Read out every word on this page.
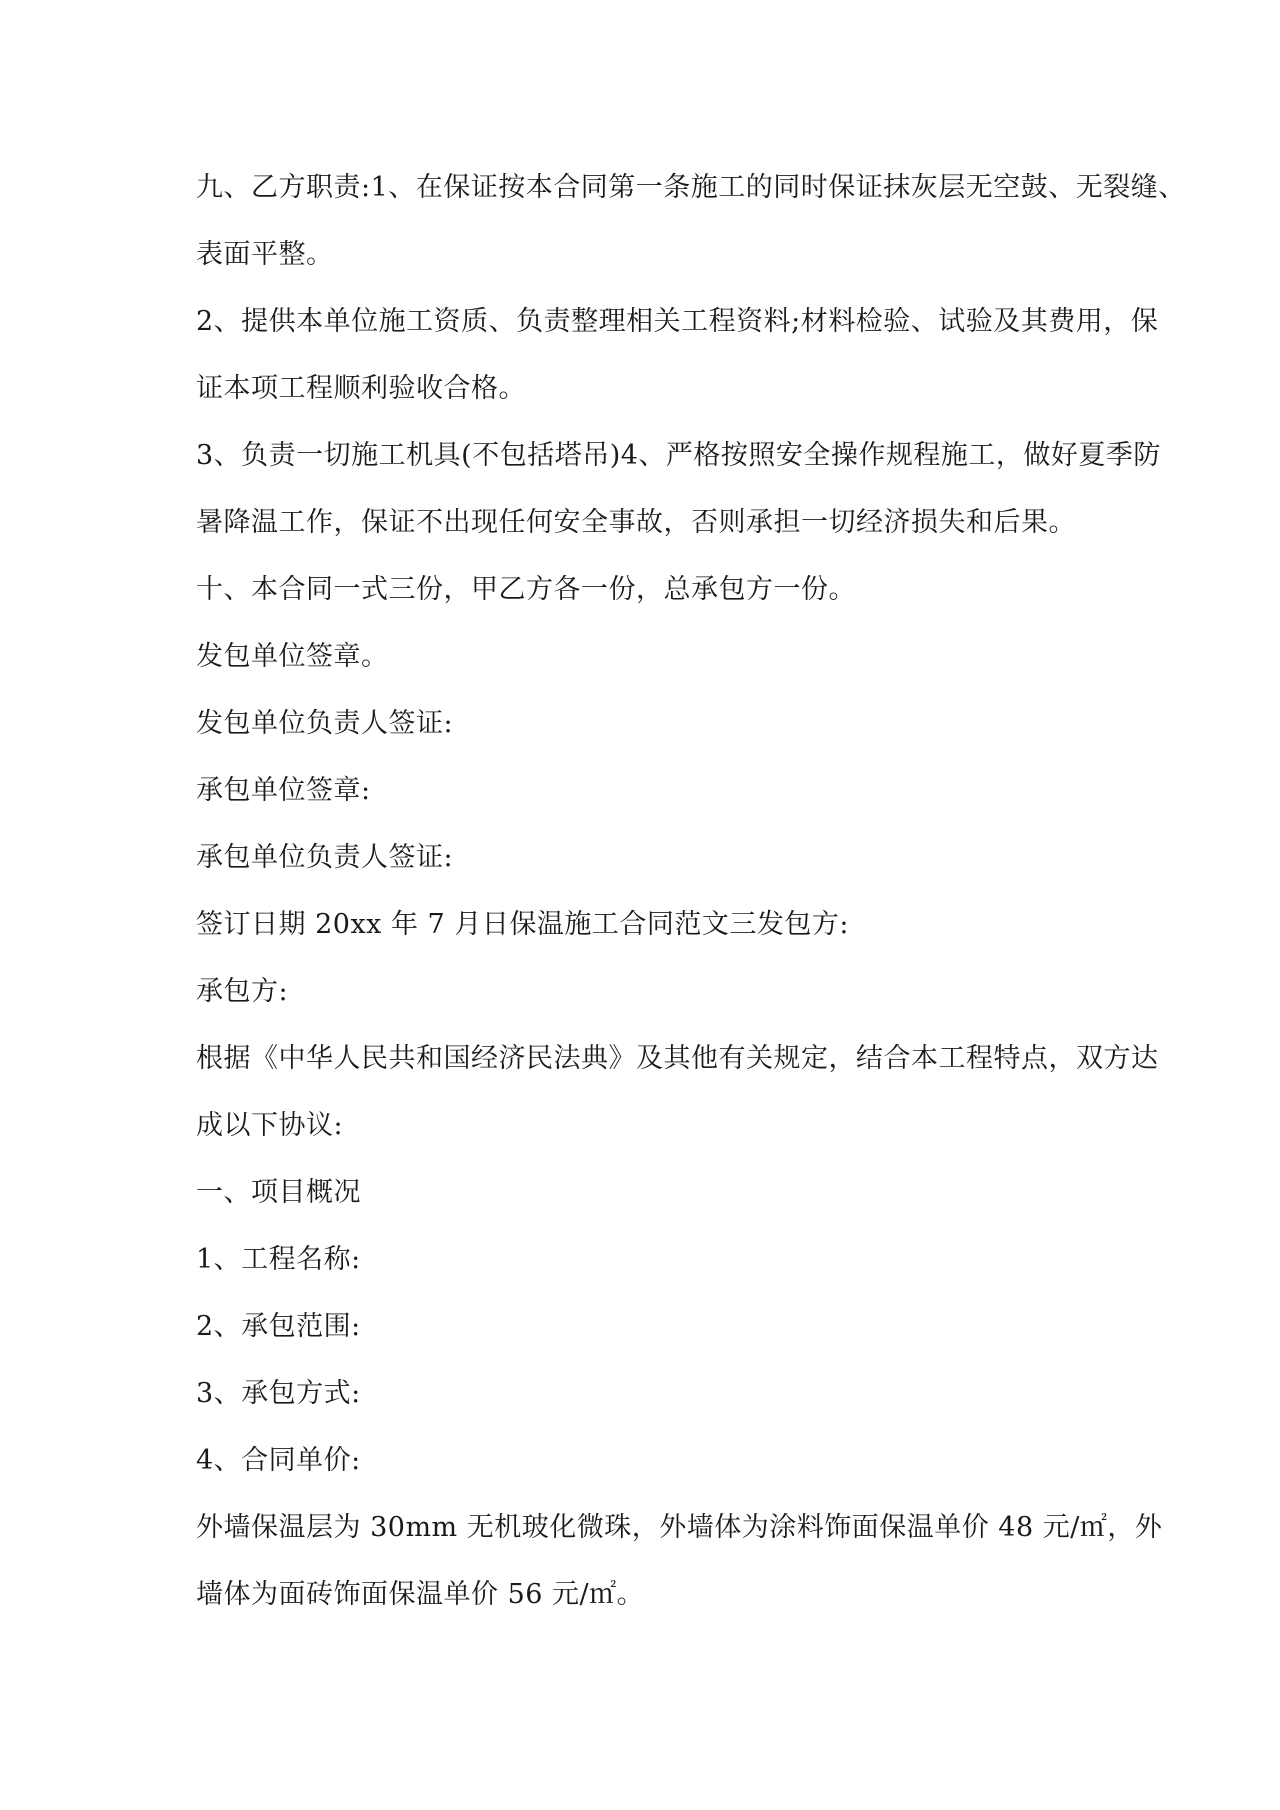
九、乙方职责:1、在保证按本合同第一条施工的同时保证抹灰层无空鼓、无裂缝、
表面平整。
2、提供本单位施工资质、负责整理相关工程资料;材料检验、试验及其费用，保
证本项工程顺利验收合格。
3、负责一切施工机具(不包括塔吊)4、严格按照安全操作规程施工，做好夏季防
暑降温工作，保证不出现任何安全事故，否则承担一切经济损失和后果。
十、本合同一式三份，甲乙方各一份，总承包方一份。
发包单位签章。
发包单位负责人签证:
承包单位签章:
承包单位负责人签证:
签订日期 20xx 年 7 月日保温施工合同范文三发包方:
承包方:
根据《中华人民共和国经济民法典》及其他有关规定，结合本工程特点，双方达
成以下协议:
一、项目概况
1、工程名称:
2、承包范围:
3、承包方式:
4、合同单价:
外墙保温层为 30mm 无机玻化微珠，外墙体为涂料饰面保温单价 48 元/㎡，外
墙体为面砖饰面保温单价 56 元/㎡。
